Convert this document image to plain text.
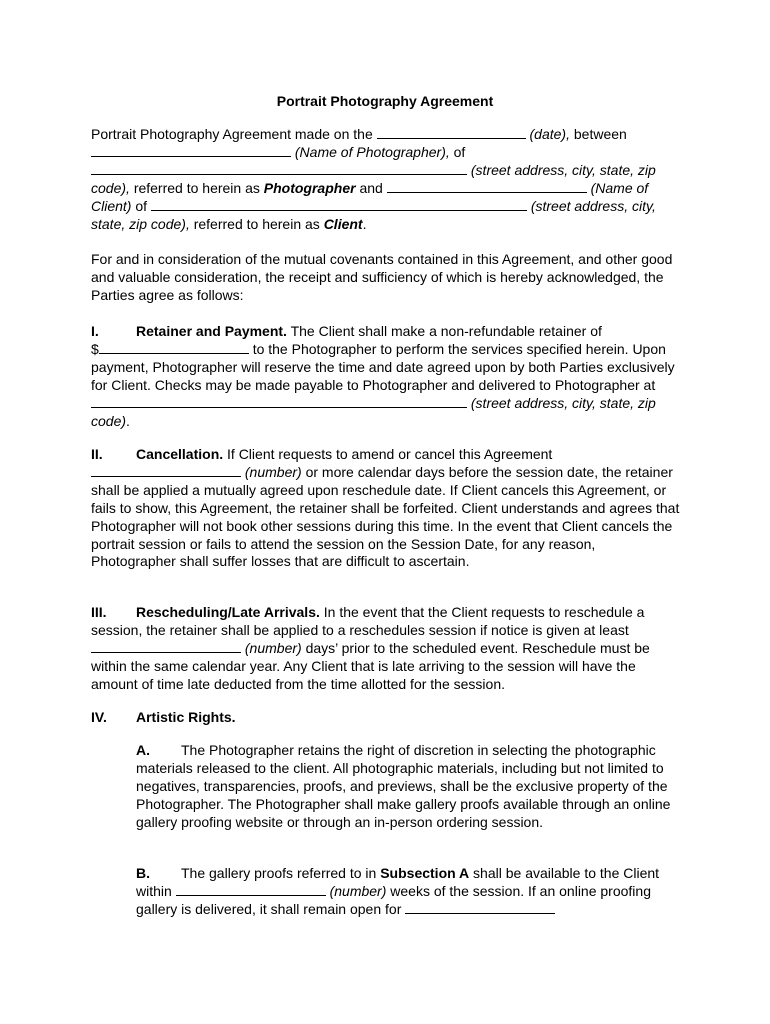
Portrait Photography Agreement

Portrait Photography Agreement made on the	(date), between
(Name of Photographer), of
(street address, city, state, zip code), referred to herein as Photographer and	(Name of Client) of	(street address, city, state, zip code), referred to herein as Client.

For and in consideration of the mutual covenants contained in this Agreement, and other good and valuable consideration, the receipt and sufficiency of which is hereby acknowledged, the Parties agree as follows:

I.	Retainer and Payment. The Client shall make a non-refundable retainer of
$	to the Photographer to perform the services specified herein. Upon payment, Photographer will reserve the time and date agreed upon by both Parties exclusively for Client. Checks may be made payable to Photographer and delivered to Photographer at  (street address, city, state, zip code).

II. Cancellation. If Client requests to amend or cancel this Agreement
(number) or more calendar days before the session date, the retainer shall be applied a mutually agreed upon reschedule date. If Client cancels this Agreement, or fails to show, this Agreement, the retainer shall be forfeited. Client understands and agrees that Photographer will not book other sessions during this time. In the event that Client cancels the portrait session or fails to attend the session on the Session Date, for any reason, Photographer shall suffer losses that are difficult to ascertain.

III. Rescheduling/Late Arrivals. In the event that the Client requests to reschedule a session, the retainer shall be applied to a reschedules session if notice is given at least  (number) days’ prior to the scheduled event. Reschedule must be within the same calendar year. Any Client that is late arriving to the session will have the amount of time late deducted from the time allotted for the session.

IV. Artistic Rights.

A. The Photographer retains the right of discretion in selecting the photographic materials released to the client. All photographic materials, including but not limited to negatives, transparencies, proofs, and previews, shall be the exclusive property of the Photographer. The Photographer shall make gallery proofs available through an online gallery proofing website or through an in-person ordering session.

B. The gallery proofs referred to in Subsection A shall be available to the Client within	(number) weeks of the session. If an online proofing gallery is delivered, it shall remain open for
